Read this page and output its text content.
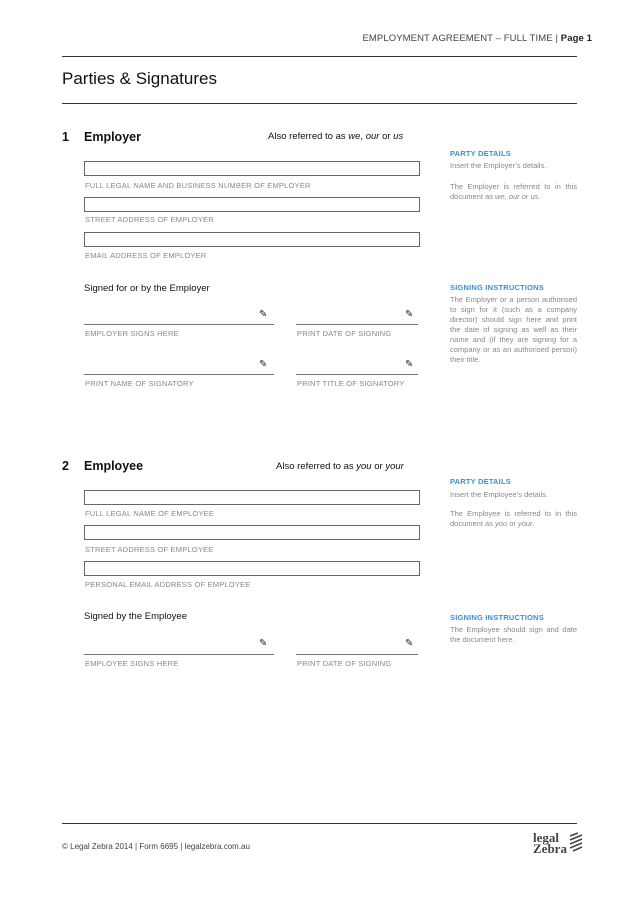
EMPLOYMENT AGREEMENT – FULL TIME | Page 1
Parties & Signatures
1 Employer	Also referred to as we, our or us
FULL LEGAL NAME AND BUSINESS NUMBER OF EMPLOYER
STREET ADDRESS OF EMPLOYER
EMAIL ADDRESS OF EMPLOYER
Signed for or by the Employer
✎
EMPLOYER SIGNS HERE
✎
PRINT DATE OF SIGNING
✎
PRINT NAME OF SIGNATORY
✎
PRINT TITLE OF SIGNATORY
PARTY DETAILS
Insert the Employer’s details.
The Employer is referred to in this document as we, our or us.
SIGNING INSTRUCTIONS
The Employer or a person authorised to sign for it (such as a company director) should sign here and print the date of signing as well as their name and (if they are signing for a company or as an authorised person) their title.
2 Employee	Also referred to as you or your
FULL LEGAL NAME OF EMPLOYEE
STREET ADDRESS OF EMPLOYEE
PERSONAL EMAIL ADDRESS OF EMPLOYEE
Signed by the Employee
✎
EMPLOYEE SIGNS HERE
✎
PRINT DATE OF SIGNING
PARTY DETAILS
Insert the Employee’s details.
The Employee is referred to in this document as you or your.
SIGNING INSTRUCTIONS
The Employee should sign and date the document here.
© Legal Zebra 2014 | Form 6695 | legalzebra.com.au
legal
Zebra
